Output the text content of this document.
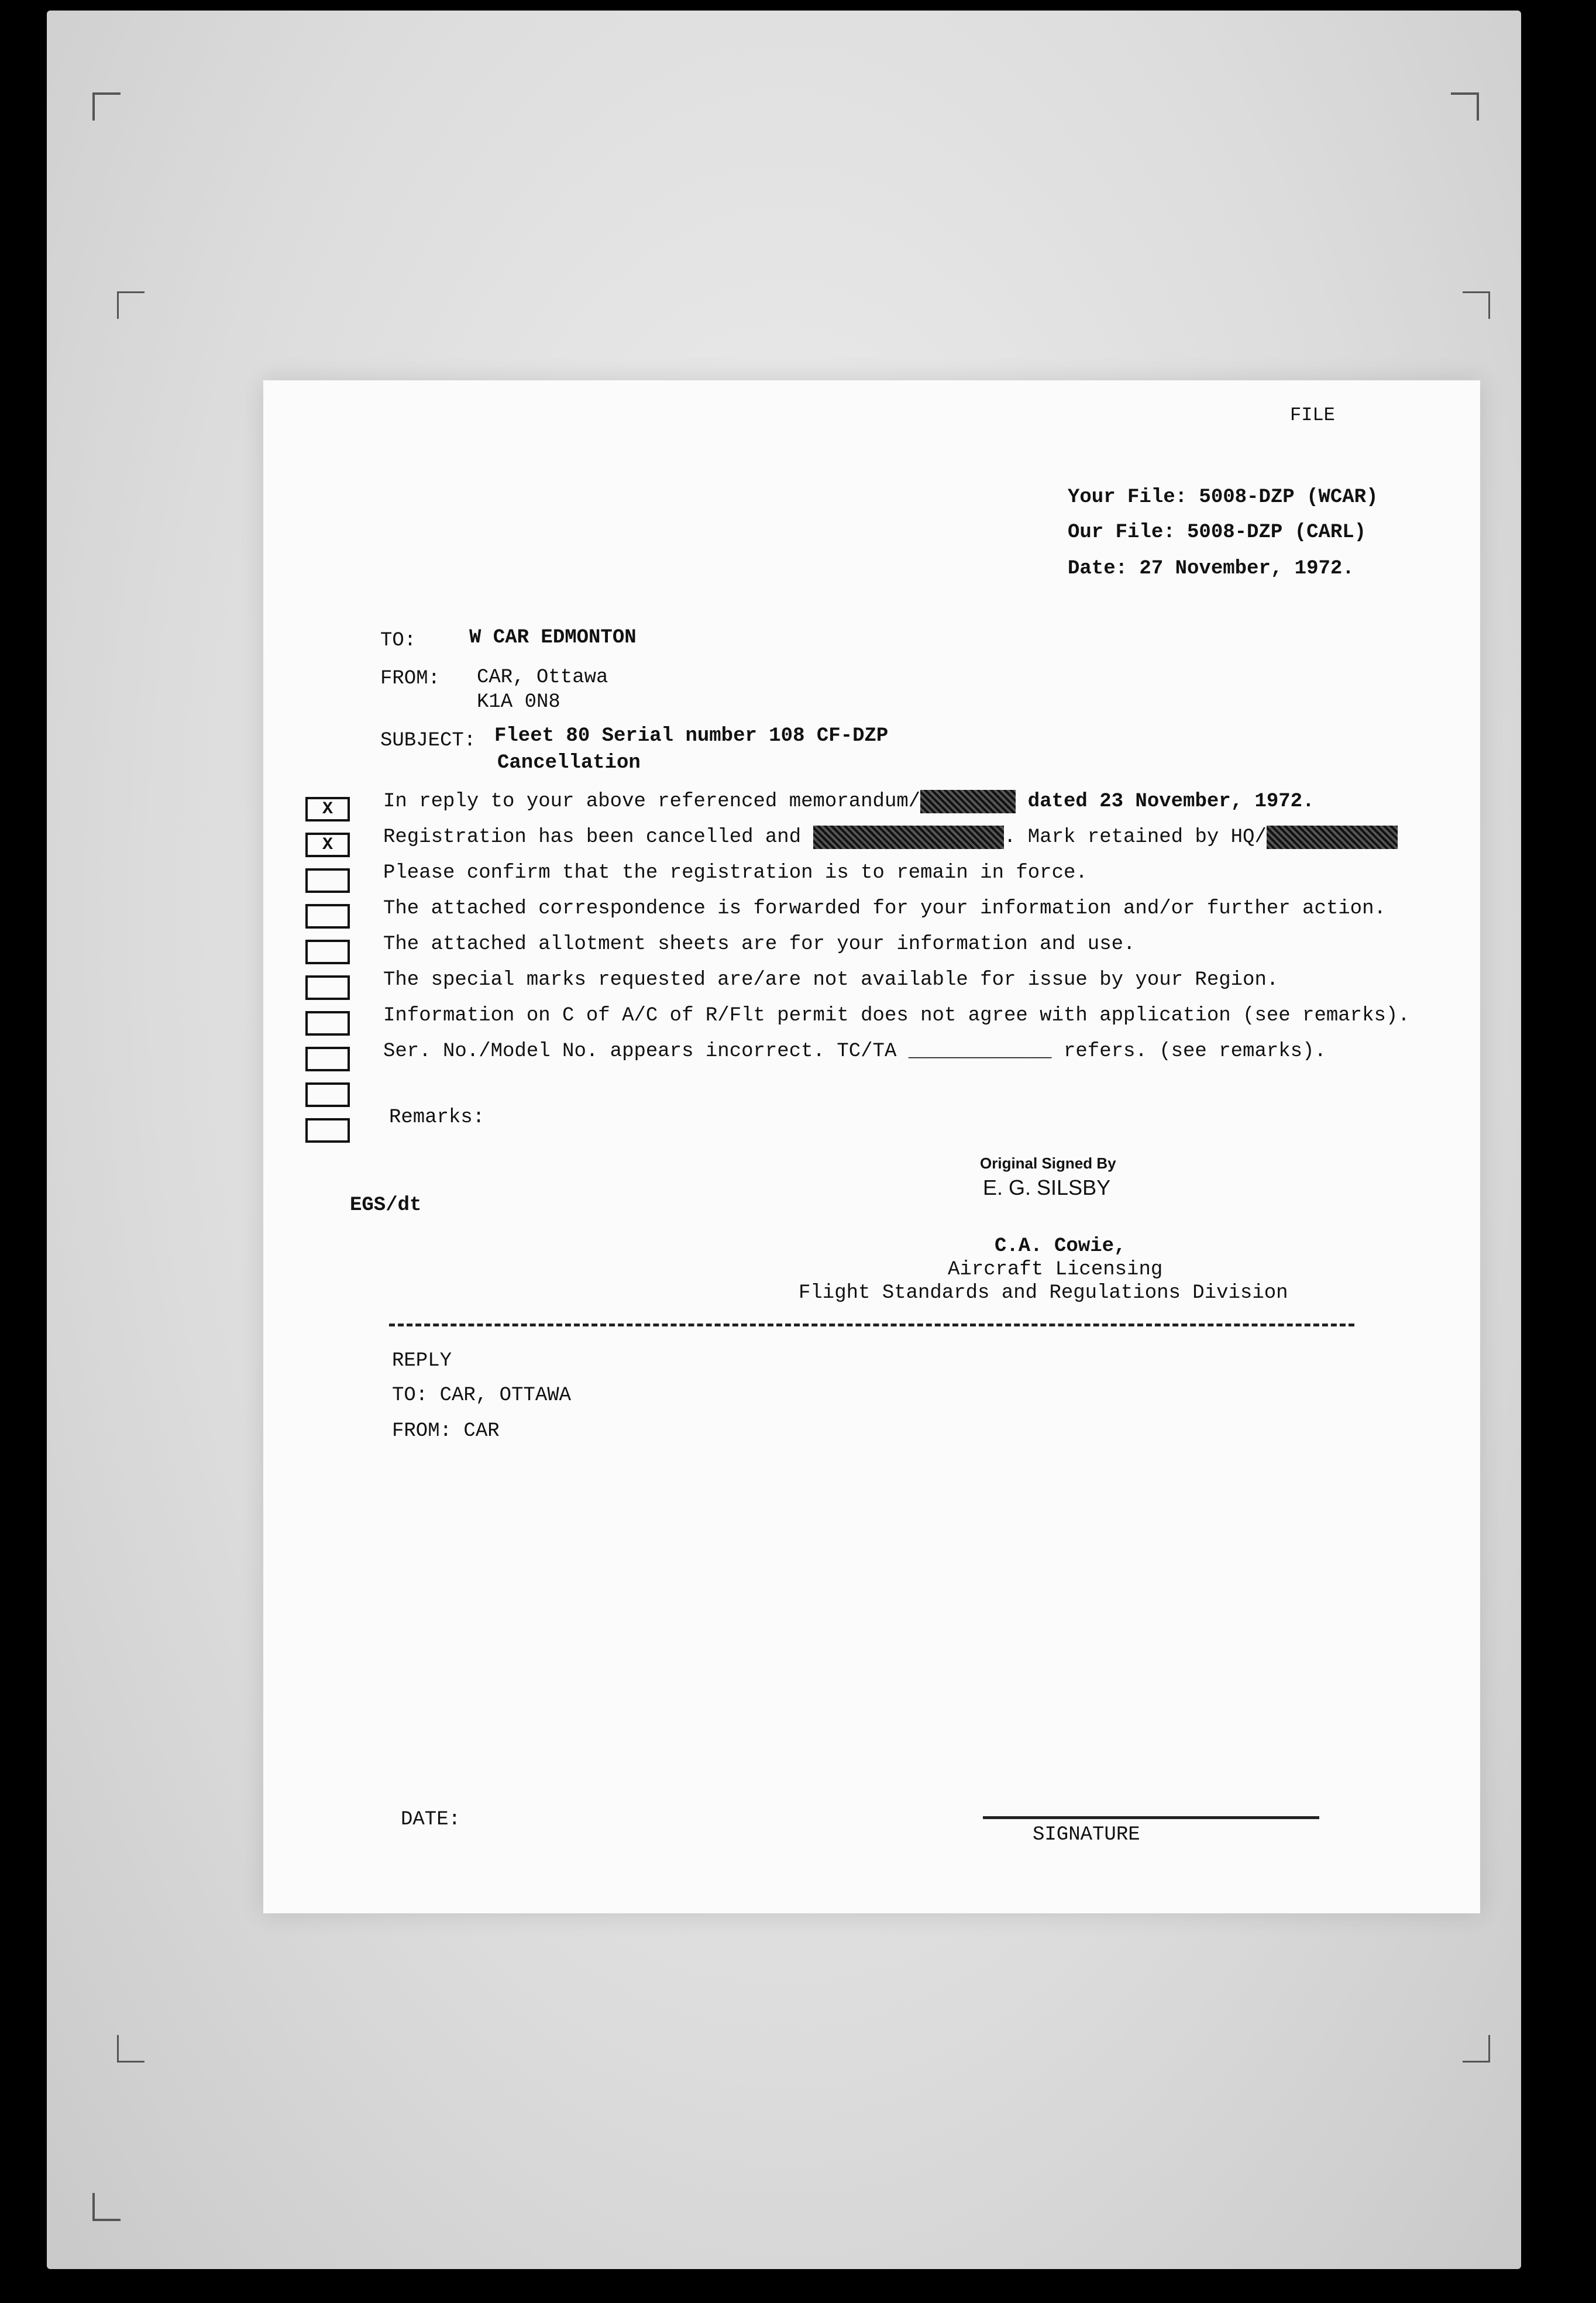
FILE
Your File: 5008-DZP (WCAR)
Our File: 5008-DZP (CARL)
Date: 27 November, 1972.
TO:	W CAR EDMONTON
FROM: CAR, Ottawa
K1A 0N8
SUBJECT: Fleet 80 Serial number 108 CF-DZP
Cancellation
X	In reply to your above referenced memorandum/	dated 23 November, 1972.
X	Registration has been cancelled and	. Mark retained by HQ/
Please confirm that the registration is to remain in force.
The attached correspondence is forwarded for your information and/or further action.
The attached allotment sheets are for your information and use.
The special marks requested are/are not available for issue by your Region.
Information on C of A/C of R/Flt permit does not agree with application (see remarks).
Ser. No./Model No. appears incorrect. TC/TA ____________ refers. (see remarks).
Remarks:
EGS/dt
Original Signed By
E. G. SILSBY
C.A. Cowie,
Aircraft Licensing
Flight Standards and Regulations Division
REPLY
TO: CAR, OTTAWA
FROM: CAR
DATE:
SIGNATURE
